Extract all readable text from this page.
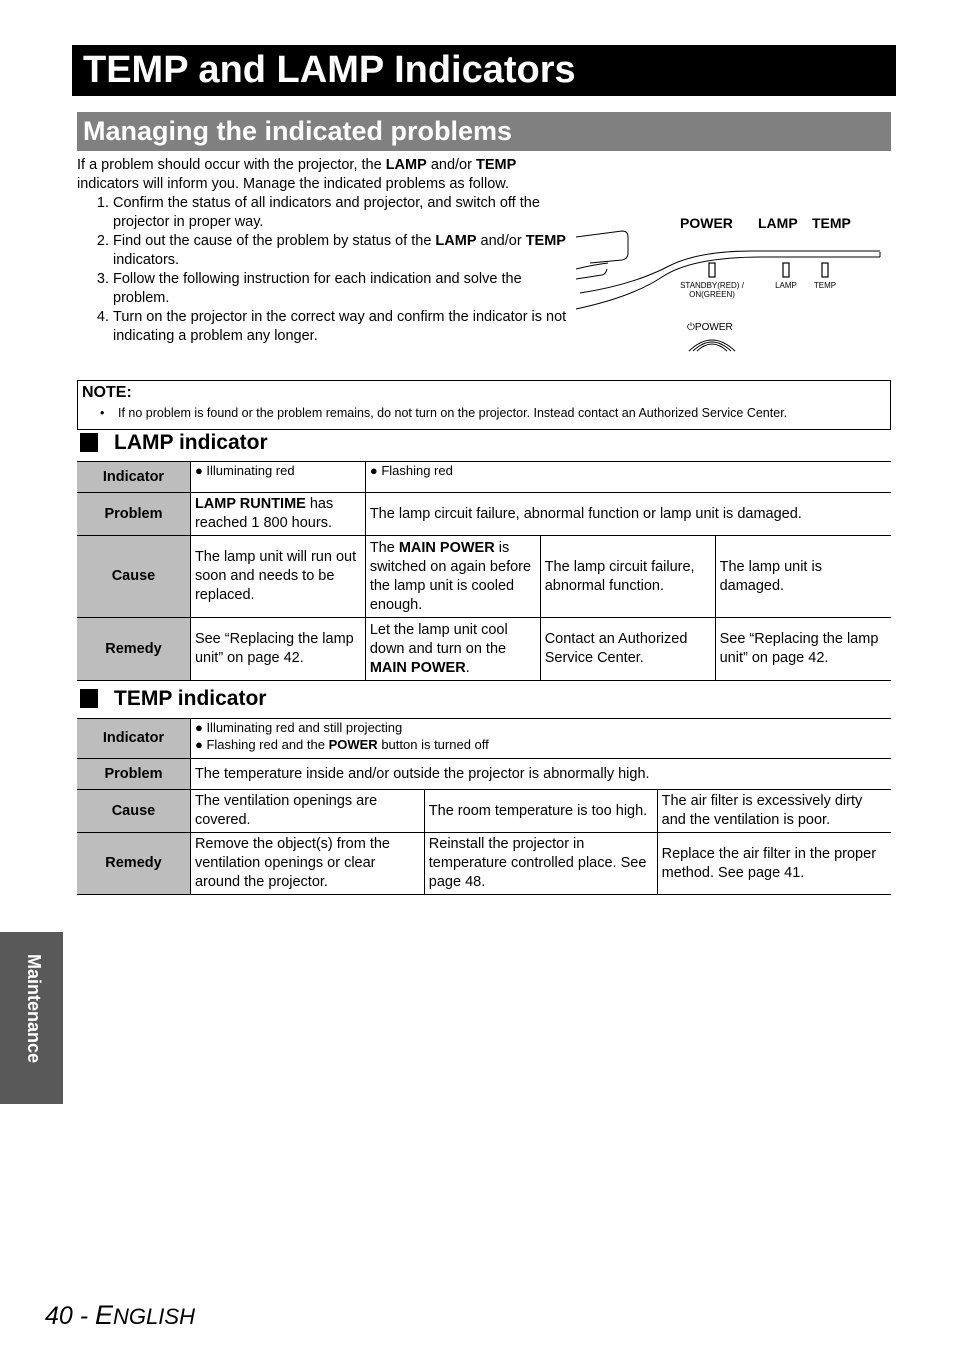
TEMP and LAMP Indicators
Managing the indicated problems

If a problem should occur with the projector, the LAMP and/or TEMP indicators will inform you. Manage the indicated problems as follow.

1. Confirm the status of all indicators and projector, and switch off the projector in proper way.
2. Find out the cause of the problem by status of the LAMP and/or TEMP indicators.
3. Follow the following instruction for each indication and solve the problem.
4. Turn on the projector in the correct way and confirm the indicator is not indicating a problem any longer.
POWER LAMP TEMP
STANDBY(RED) /
ON(GREEN)
LAMP	TEMP
⏻POWER
NOTE:
• If no problem is found or the problem remains, do not turn on the projector. Instead contact an Authorized Service Center.
LAMP indicator
Indicator	● Illuminating red	● Flashing red		
Problem	LAMP RUNTIME has reached 1 800 hours.	The lamp circuit failure, abnormal function or lamp unit is damaged.		
Cause	The lamp unit will run out soon and needs to be replaced.	The MAIN POWER is switched on again before the lamp unit is cooled enough.	The lamp circuit failure, abnormal function.	The lamp unit is damaged.
Remedy	See “Replacing the lamp unit” on page 42.	Let the lamp unit cool down and turn on the MAIN POWER.	Contact an Authorized Service Center.	See “Replacing the lamp unit” on page 42.
TEMP indicator
Indicator	● Illuminating red and still projecting
● Flashing red and the POWER button is turned off		

Problem	The temperature inside and/or outside the projector is abnormally high.		
Cause	The ventilation openings are covered.	The room temperature is too high.	The air filter is excessively dirty and the ventilation is poor.
Remedy	Remove the object(s) from the ventilation openings or clear around the projector.	Reinstall the projector in temperature controlled place. See page 48.	Replace the air filter in the proper method. See page 41.
Maintenance
40 - ENGLISH
